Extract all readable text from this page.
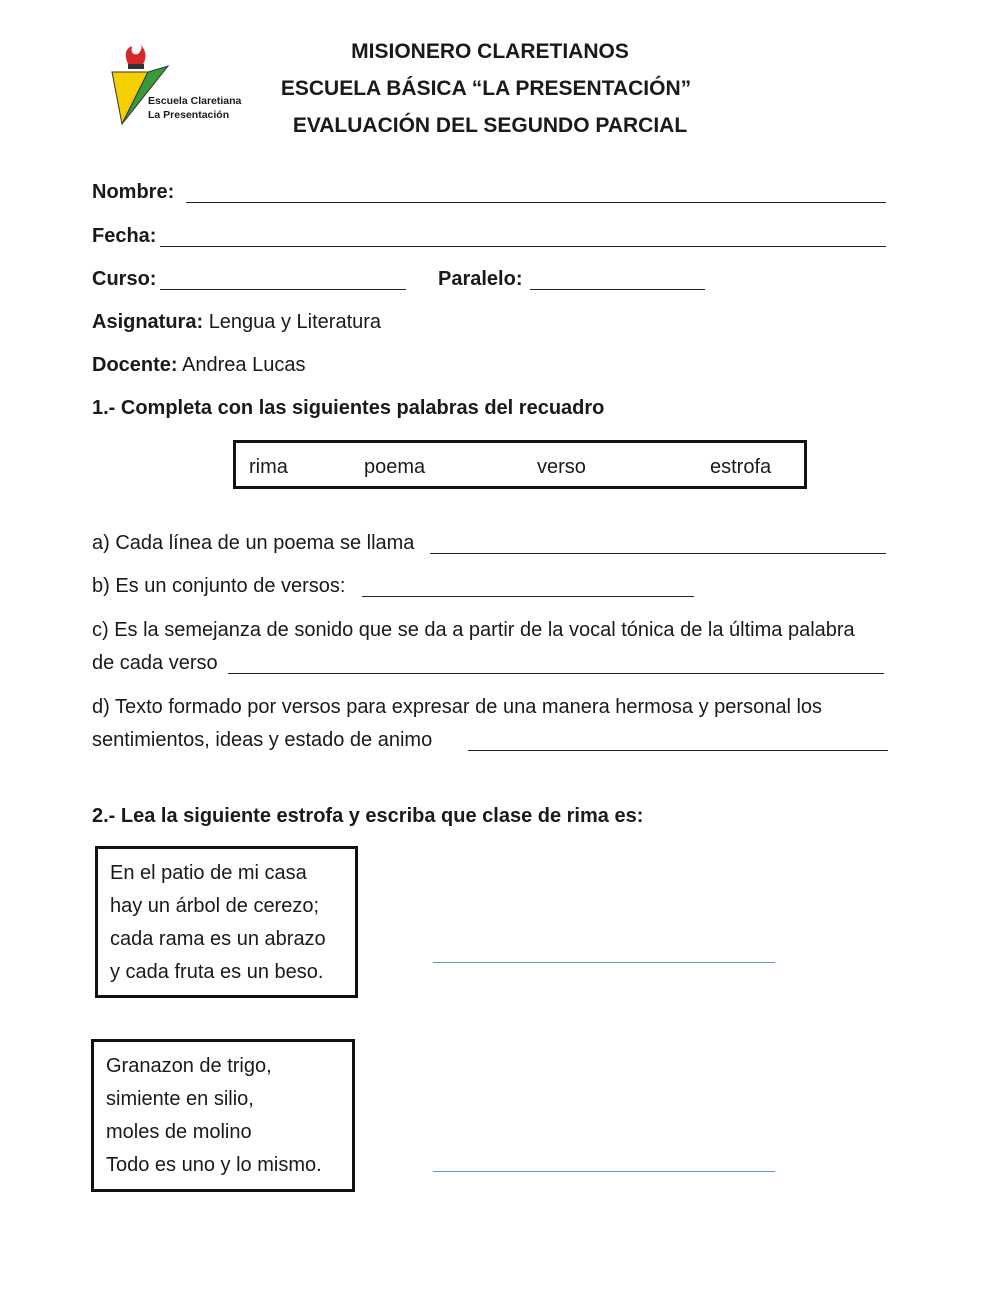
Escuela Claretiana
La Presentación
MISIONERO CLARETIANOS
ESCUELA BÁSICA “LA PRESENTACIÓN”
EVALUACIÓN DEL SEGUNDO PARCIAL
Nombre:
Fecha:
Curso:	Paralelo:
Asignatura: Lengua y Literatura
Docente: Andrea Lucas
1.- Completa con las siguientes palabras del recuadro
rima	poema	verso	estrofa
a) Cada línea de un poema se llama
b) Es un conjunto de versos:
c) Es la semejanza de sonido que se da a partir de la vocal tónica de la última palabra
de cada verso
d) Texto formado por versos para expresar de una manera hermosa y personal los
sentimientos, ideas y estado de animo
2.- Lea la siguiente estrofa y escriba que clase de rima es:
En el patio de mi casa
hay un árbol de cerezo;
cada rama es un abrazo
y cada fruta es un beso.
Granazon de trigo,
simiente en silio,
moles de molino
Todo es uno y lo mismo.
